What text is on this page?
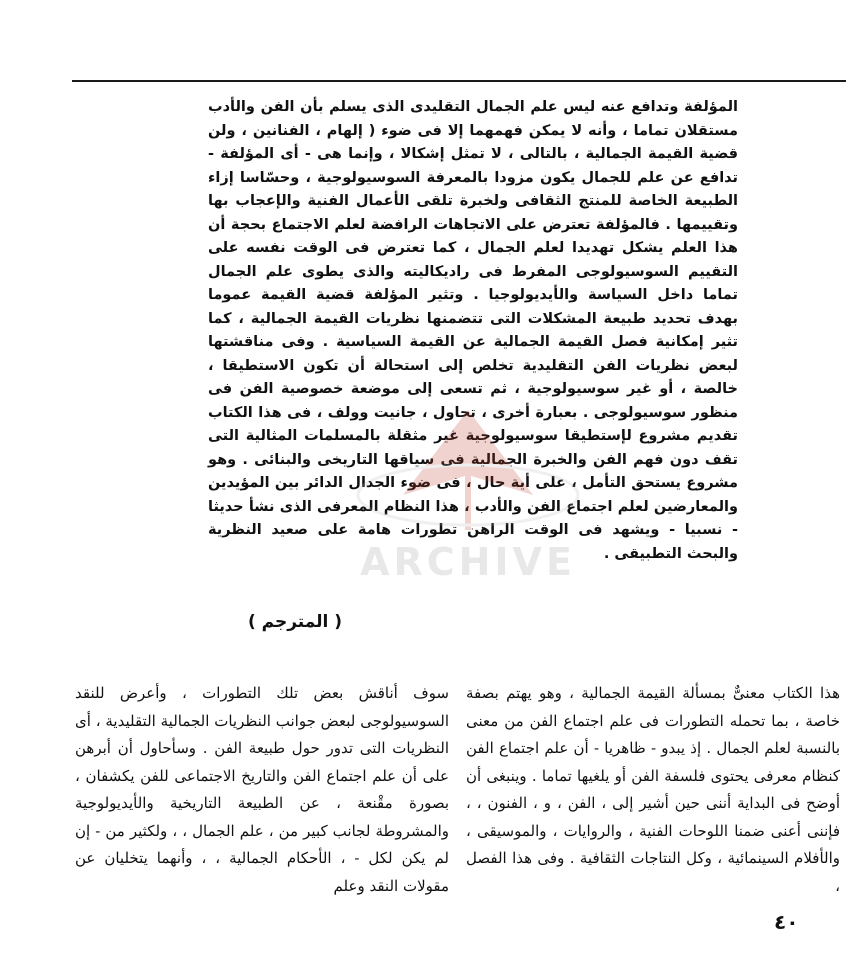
المؤلفة وتدافع عنه ليس علم الجمال التقليدى الذى يسلم بأن الفن والأدب مستقلان تماما ، وأنه لا يمكن فهمهما إلا فى ضوء ( إلهام ، الفنانين ، ولن قضية القيمة الجمالية ، بالتالى ، لا تمثل إشكالا ، وإنما هى - أى المؤلفة - تدافع عن علم للجمال يكون مزودا بالمعرفة السوسيولوجية ، وحسّاسا إزاء الطبيعة الخاصة للمنتج الثقافى ولخبرة تلقى الأعمال الفنية والإعجاب بها وتقييمها . فالمؤلفة تعترض على الاتجاهات الرافضة لعلم الاجتماع بحجة أن هذا العلم يشكل تهديدا لعلم الجمال ، كما تعترض فى الوقت نفسه على التقييم السوسيولوجى المفرط فى راديكاليته والذى يطوى علم الجمال تماما داخل السياسة والأيديولوجيا . وتثير المؤلفة قضية القيمة عموما بهدف تحديد طبيعة المشكلات التى تتضمنها نظريات القيمة الجمالية ، كما تثير إمكانية فصل القيمة الجمالية عن القيمة السياسية . وفى مناقشتها لبعض نظريات الفن التقليدية تخلص إلى استحالة أن تكون الاستطيقا ، خالصة ، أو غير سوسيولوجية ، ثم تسعى إلى موضعة خصوصية الفن فى منظور سوسيولوجى . بعبارة أخرى ، تحاول ، جانيت وولف ، فى هذا الكتاب تقديم مشروع لإستطيقا سوسيولوجية غير مثقلة بالمسلمات المثالية التى تقف دون فهم الفن والخبرة الجمالية فى سياقها التاريخى والبنائى . وهو مشروع يستحق التأمل ، على أية حال ، فى ضوء الجدال الدائر بين المؤيدين والمعارضين لعلم اجتماع الفن والأدب ، هذا النظام المعرفى الذى نشأ حديثا - نسبيا - ويشهد فى الوقت الراهن تطورات هامة على صعيد النظرية والبحث التطبيقى .

ARCHIVE
( المترجم )

هذا الكتاب معنىٌّ بمسألة القيمة الجمالية ، وهو يهتم بصفة خاصة ، بما تحمله التطورات فى علم اجتماع الفن من معنى بالنسبة لعلم الجمال . إذ يبدو - ظاهريا - أن علم اجتماع الفن كنظام معرفى يحتوى فلسفة الفن أو يلغيها تماما . وينبغى أن أوضح فى البداية أننى حين أشير إلى ، الفن ، و ، الفنون ، ، فإننى أعنى ضمنا اللوحات الفنية ، والروايات ، والموسيقى ، والأفلام السينمائية ، وكل النتاجات الثقافية . وفى هذا الفصل ،

سوف أناقش بعض تلك التطورات ، وأعرض للنقد السوسيولوجى لبعض جوانب النظريات الجمالية التقليدية ، أى النظريات التى تدور حول طبيعة الفن . وسأحاول أن أبرهن على أن علم اجتماع الفن والتاريخ الاجتماعى للفن يكشفان ، بصورة مقْنعة ، عن الطبيعة التاريخية والأيديولوجية والمشروطة لجانب كبير من ، علم الجمال ، ، ولكثير من - إن لم يكن لكل - ، الأحكام الجمالية ، ، وأنهما يتخليان عن مقولات النقد وعلم

٤٠
